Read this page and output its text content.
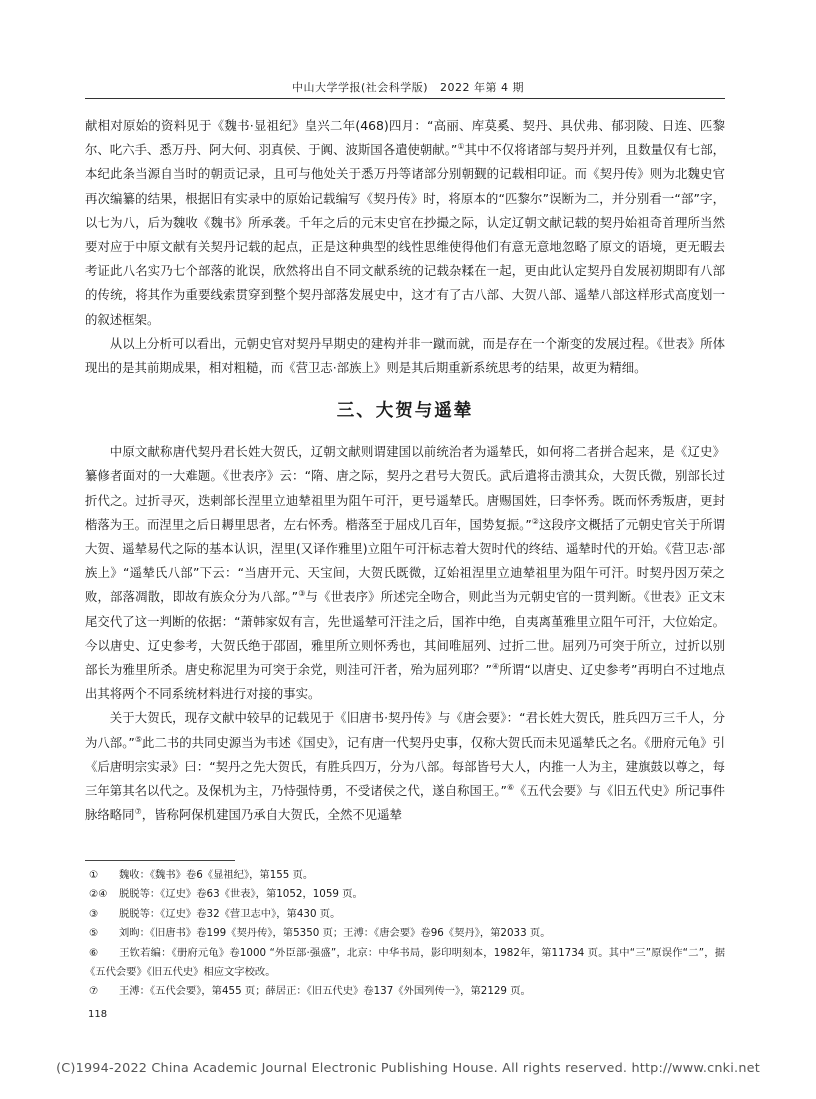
中山大学学报(社会科学版) 2022 年第 4 期

献相对原始的资料见于《魏书·显祖纪》皇兴二年(468)四月：“高丽、库莫奚、契丹、具伏弗、郁羽陵、日连、匹黎尔、叱六手、悉万丹、阿大何、羽真侯、于阗、波斯国各遣使朝献。”①其中不仅将诸部与契丹并列，且数量仅有七部，本纪此条当源自当时的朝贡记录，且可与他处关于悉万丹等诸部分别朝觐的记载相印证。而《契丹传》则为北魏史官再次编纂的结果，根据旧有实录中的原始记载编写《契丹传》时，将原本的“匹黎尔”误断为二，并分别看一“部”字，以七为八，后为魏收《魏书》所承袭。千年之后的元末史官在抄撮之际，认定辽朝文献记载的契丹始祖奇首理所当然要对应于中原文献有关契丹记载的起点，正是这种典型的线性思维使得他们有意无意地忽略了原文的语境，更无暇去考证此八名实乃七个部落的讹误，欣然将出自不同文献系统的记载杂糅在一起，更由此认定契丹自发展初期即有八部的传统，将其作为重要线索贯穿到整个契丹部落发展史中，这才有了古八部、大贺八部、遥辇八部这样形式高度划一的叙述框架。

从以上分析可以看出，元朝史官对契丹早期史的建构并非一蹴而就，而是存在一个渐变的发展过程。《世表》所体现出的是其前期成果，相对粗糙，而《营卫志·部族上》则是其后期重新系统思考的结果，故更为精细。

三、大贺与遥辇

中原文献称唐代契丹君长姓大贺氏，辽朝文献则谓建国以前统治者为遥辇氏，如何将二者拼合起来，是《辽史》纂修者面对的一大难题。《世表序》云：“隋、唐之际，契丹之君号大贺氏。武后遣将击溃其众，大贺氏微，别部长过折代之。过折寻灭，迭剌部长涅里立迪辇祖里为阻午可汗，更号遥辇氏。唐赐国姓，曰李怀秀。既而怀秀叛唐，更封楷落为王。而涅里之后日耨里思者，左右怀秀。楷落至于屈戍几百年，国势复振。”②这段序文概括了元朝史官关于所谓大贺、遥辇易代之际的基本认识，涅里(又译作雅里)立阻午可汗标志着大贺时代的终结、遥辇时代的开始。《营卫志·部族上》“遥辇氏八部”下云：“当唐开元、天宝间，大贺氏既微，辽始祖涅里立迪辇祖里为阻午可汗。时契丹因万荣之败，部落凋散，即故有族众分为八部。”③与《世表序》所述完全吻合，则此当为元朝史官的一贯判断。《世表》正文末尾交代了这一判断的依据：“萧韩家奴有言，先世遥辇可汗洼之后，国祚中绝，自夷离堇雅里立阻午可汗，大位始定。今以唐史、辽史参考，大贺氏绝于邵固，雅里所立则怀秀也，其间唯屈列、过折二世。屈列乃可突于所立，过折以别部长为雅里所杀。唐史称泥里为可突于余党，则洼可汗者，殆为屈列耶？”④所谓“以唐史、辽史参考”再明白不过地点出其将两个不同系统材料进行对接的事实。

关于大贺氏，现存文献中较早的记载见于《旧唐书·契丹传》与《唐会要》：“君长姓大贺氏，胜兵四万三千人，分为八部。”⑤此二书的共同史源当为韦述《国史》，记有唐一代契丹史事，仅称大贺氏而未见遥辇氏之名。《册府元龟》引《后唐明宗实录》曰：“契丹之先大贺氏，有胜兵四万，分为八部。每部皆号大人，内推一人为主，建旗鼓以尊之，每三年第其名以代之。及保机为主，乃恃强恃勇，不受诸侯之代，遂自称国王。”⑥《五代会要》与《旧五代史》所记事件脉络略同⑦，皆称阿保机建国乃承自大贺氏，全然不见遥辇

① 魏收：《魏书》卷6《显祖纪》，第155 页。

②④ 脱脱等：《辽史》卷63《世表》，第1052，1059 页。

③ 脱脱等：《辽史》卷32《营卫志中》，第430 页。

⑤ 刘昫：《旧唐书》卷199《契丹传》，第5350 页；王溥：《唐会要》卷96《契丹》，第2033 页。

⑥ 王钦若编：《册府元龟》卷1000 “外臣部·强盛”，北京：中华书局，影印明刻本，1982年，第11734 页。其中“三”原误作“二”，据《五代会要》《旧五代史》相应文字校改。

⑦ 王溥：《五代会要》，第455 页；薛居正：《旧五代史》卷137《外国列传一》，第2129 页。

118
(C)1994-2022 China Academic Journal Electronic Publishing House. All rights reserved. http://www.cnki.net
